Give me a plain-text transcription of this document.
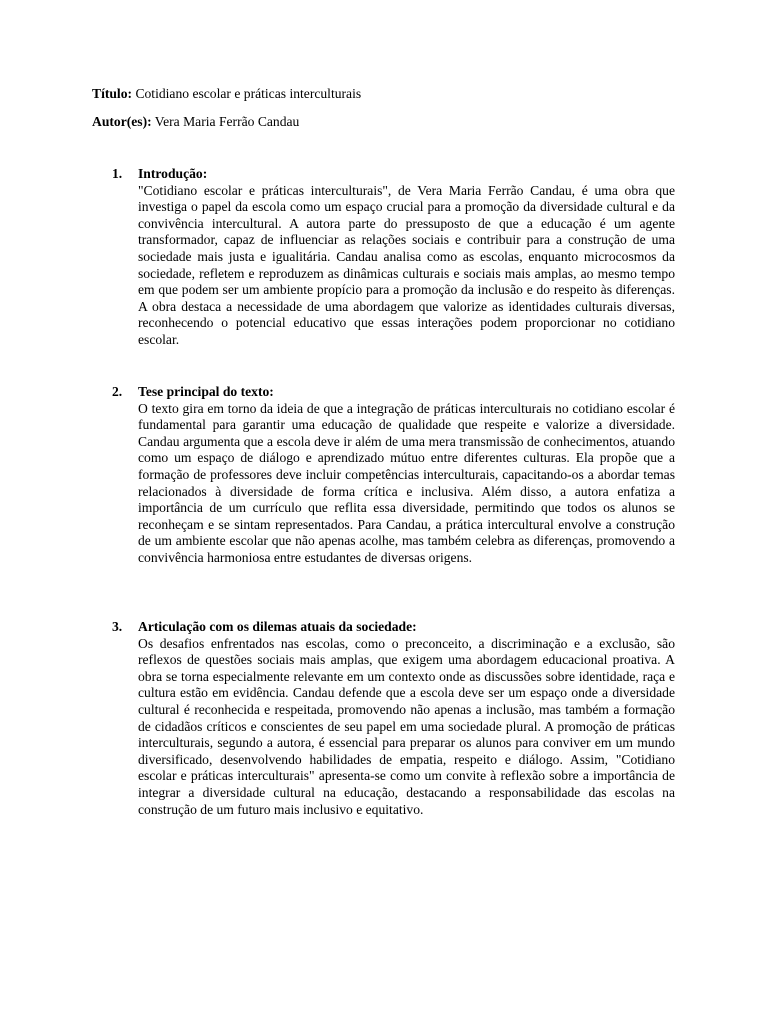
Título: Cotidiano escolar e práticas interculturais
Autor(es): Vera Maria Ferrão Candau
1. Introdução:
"Cotidiano escolar e práticas interculturais", de Vera Maria Ferrão Candau, é uma obra que investiga o papel da escola como um espaço crucial para a promoção da diversidade cultural e da convivência intercultural. A autora parte do pressuposto de que a educação é um agente transformador, capaz de influenciar as relações sociais e contribuir para a construção de uma sociedade mais justa e igualitária. Candau analisa como as escolas, enquanto microcosmos da sociedade, refletem e reproduzem as dinâmicas culturais e sociais mais amplas, ao mesmo tempo em que podem ser um ambiente propício para a promoção da inclusão e do respeito às diferenças. A obra destaca a necessidade de uma abordagem que valorize as identidades culturais diversas, reconhecendo o potencial educativo que essas interações podem proporcionar no cotidiano escolar.
2. Tese principal do texto:
O texto gira em torno da ideia de que a integração de práticas interculturais no cotidiano escolar é fundamental para garantir uma educação de qualidade que respeite e valorize a diversidade. Candau argumenta que a escola deve ir além de uma mera transmissão de conhecimentos, atuando como um espaço de diálogo e aprendizado mútuo entre diferentes culturas. Ela propõe que a formação de professores deve incluir competências interculturais, capacitando-os a abordar temas relacionados à diversidade de forma crítica e inclusiva. Além disso, a autora enfatiza a importância de um currículo que reflita essa diversidade, permitindo que todos os alunos se reconheçam e se sintam representados. Para Candau, a prática intercultural envolve a construção de um ambiente escolar que não apenas acolhe, mas também celebra as diferenças, promovendo a convivência harmoniosa entre estudantes de diversas origens.
3. Articulação com os dilemas atuais da sociedade:
Os desafios enfrentados nas escolas, como o preconceito, a discriminação e a exclusão, são reflexos de questões sociais mais amplas, que exigem uma abordagem educacional proativa. A obra se torna especialmente relevante em um contexto onde as discussões sobre identidade, raça e cultura estão em evidência. Candau defende que a escola deve ser um espaço onde a diversidade cultural é reconhecida e respeitada, promovendo não apenas a inclusão, mas também a formação de cidadãos críticos e conscientes de seu papel em uma sociedade plural. A promoção de práticas interculturais, segundo a autora, é essencial para preparar os alunos para conviver em um mundo diversificado, desenvolvendo habilidades de empatia, respeito e diálogo. Assim, "Cotidiano escolar e práticas interculturais" apresenta-se como um convite à reflexão sobre a importância de integrar a diversidade cultural na educação, destacando a responsabilidade das escolas na construção de um futuro mais inclusivo e equitativo.
